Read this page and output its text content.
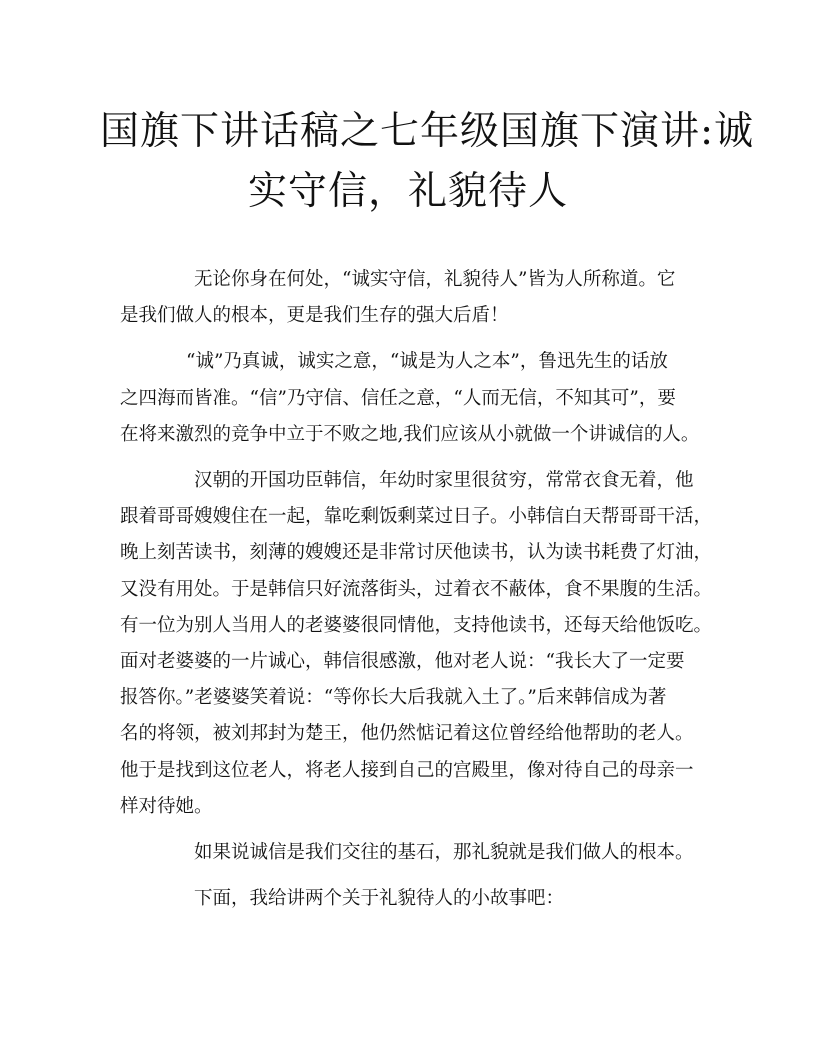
国旗下讲话稿之七年级国旗下演讲:诚
实守信，礼貌待人

无论你身在何处，“诚实守信，礼貌待人”皆为人所称道。它
是我们做人的根本，更是我们生存的强大后盾！

“诚”乃真诚，诚实之意，“诚是为人之本”，鲁迅先生的话放
之四海而皆准。“信”乃守信、信任之意，“人而无信，不知其可”，要
在将来激烈的竞争中立于不败之地,我们应该从小就做一个讲诚信的人。

汉朝的开国功臣韩信，年幼时家里很贫穷，常常衣食无着，他
跟着哥哥嫂嫂住在一起，靠吃剩饭剩菜过日子。小韩信白天帮哥哥干活，
晚上刻苦读书，刻薄的嫂嫂还是非常讨厌他读书，认为读书耗费了灯油，
又没有用处。于是韩信只好流落街头，过着衣不蔽体，食不果腹的生活。
有一位为别人当用人的老婆婆很同情他，支持他读书，还每天给他饭吃。
面对老婆婆的一片诚心，韩信很感激，他对老人说：“我长大了一定要
报答你。”老婆婆笑着说：“等你长大后我就入土了。”后来韩信成为著
名的将领，被刘邦封为楚王，他仍然惦记着这位曾经给他帮助的老人。
他于是找到这位老人，将老人接到自己的宫殿里，像对待自己的母亲一
样对待她。

如果说诚信是我们交往的基石，那礼貌就是我们做人的根本。

下面，我给讲两个关于礼貌待人的小故事吧：
